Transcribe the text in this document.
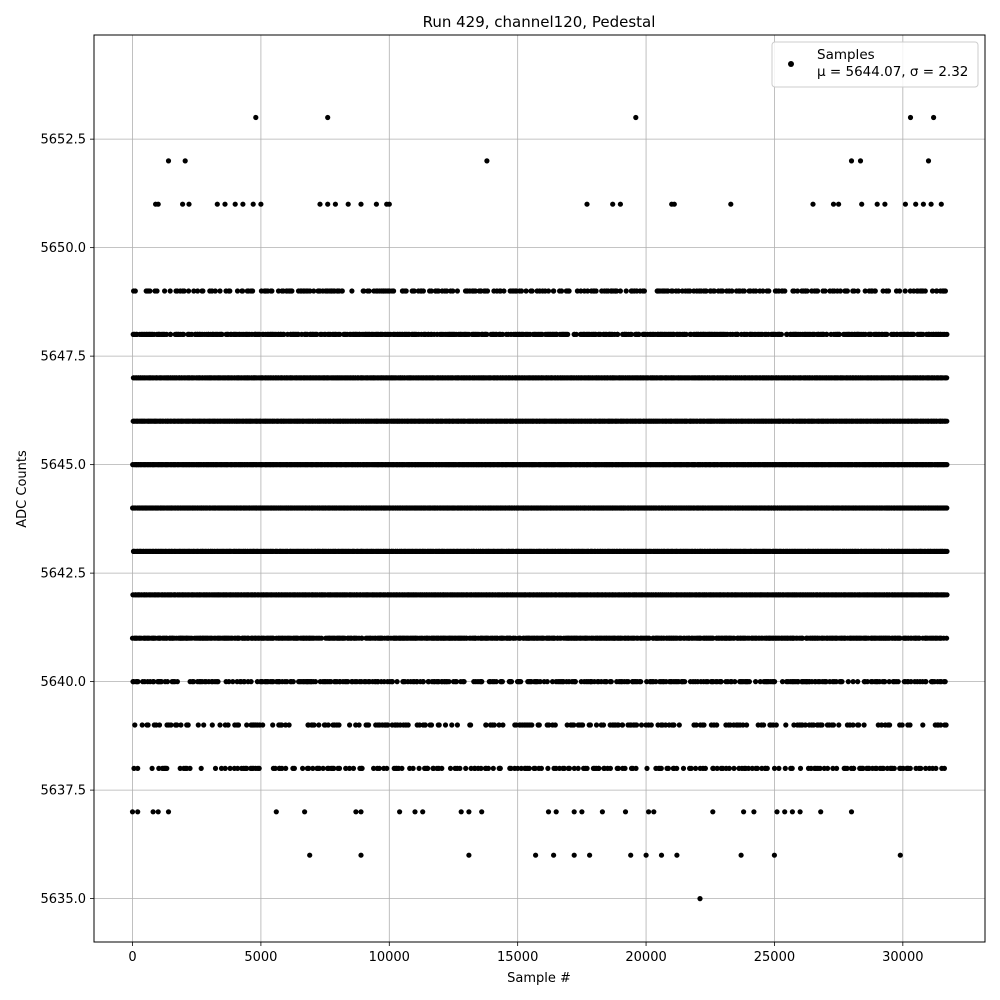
0	5000	10000	15000	20000	25000	30000
5635.0
5637.5
5640.0
5642.5
5645.0
5647.5
5650.0
5652.5
Run 429, channel120, Pedestal
Sample #
ADC Counts
Samples
μ = 5644.07, σ = 2.32
